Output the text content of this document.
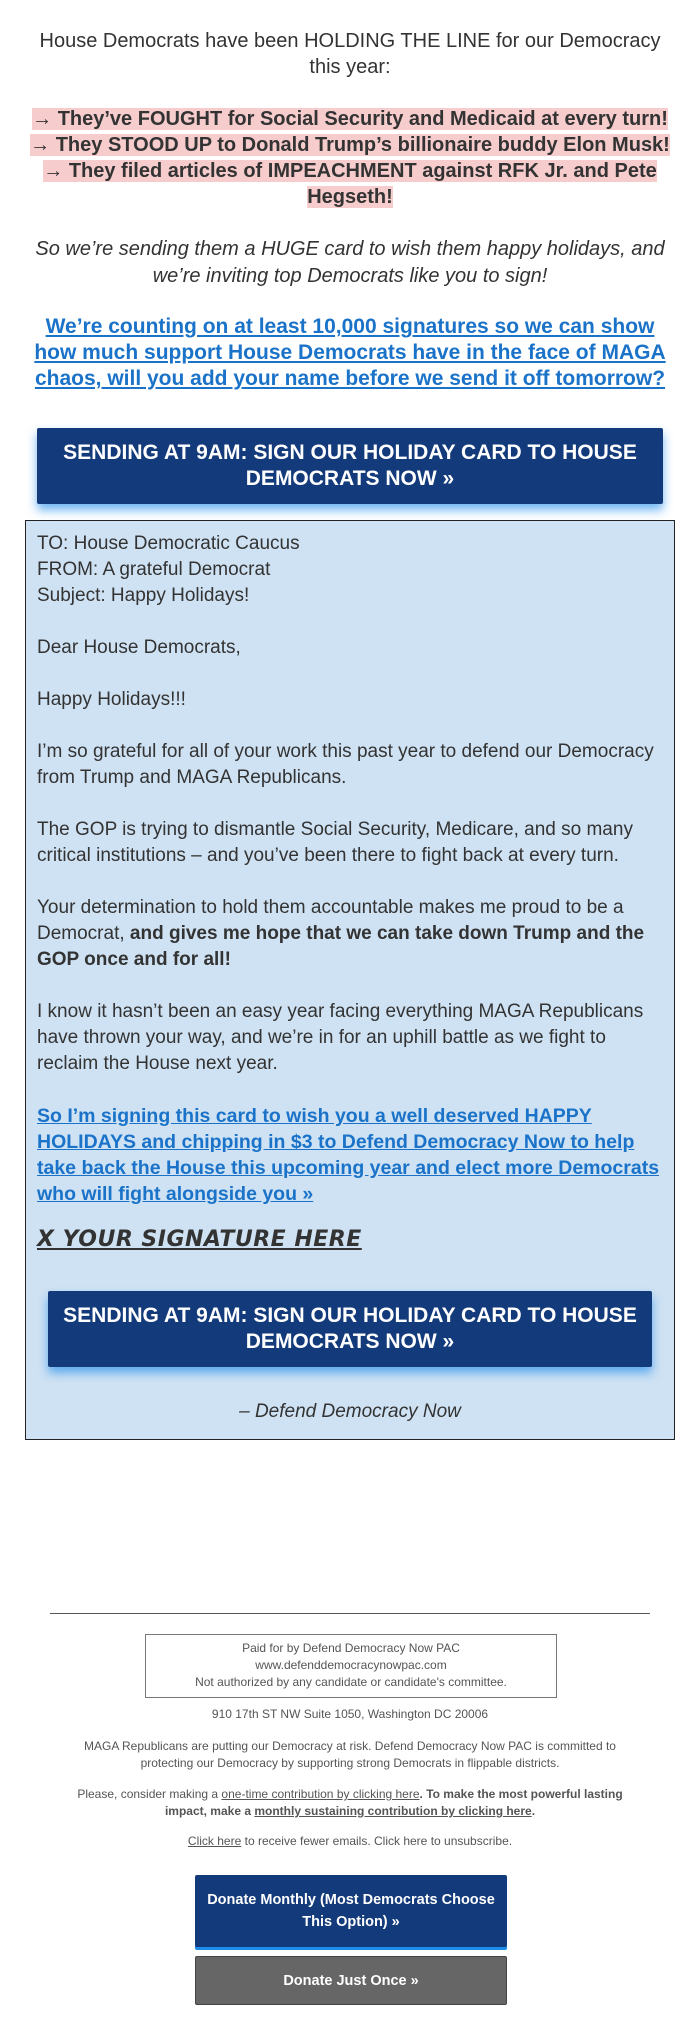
House Democrats have been HOLDING THE LINE for our Democracy this year:
→ They’ve FOUGHT for Social Security and Medicaid at every turn!
→ They STOOD UP to Donald Trump’s billionaire buddy Elon Musk!
→ They filed articles of IMPEACHMENT against RFK Jr. and Pete Hegseth!
So we’re sending them a HUGE card to wish them happy holidays, and we’re inviting top Democrats like you to sign!
We’re counting on at least 10,000 signatures so we can show how much support House Democrats have in the face of MAGA chaos, will you add your name before we send it off tomorrow?
SENDING AT 9AM: SIGN OUR HOLIDAY CARD TO HOUSE DEMOCRATS NOW »
TO: House Democratic Caucus
FROM: A grateful Democrat
Subject: Happy Holidays!

Dear House Democrats,

Happy Holidays!!!

I’m so grateful for all of your work this past year to defend our Democracy from Trump and MAGA Republicans.

The GOP is trying to dismantle Social Security, Medicare, and so many critical institutions – and you’ve been there to fight back at every turn.

Your determination to hold them accountable makes me proud to be a Democrat, and gives me hope that we can take down Trump and the GOP once and for all!

I know it hasn’t been an easy year facing everything MAGA Republicans have thrown your way, and we’re in for an uphill battle as we fight to reclaim the House next year.

So I’m signing this card to wish you a well deserved HAPPY HOLIDAYS and chipping in $3 to Defend Democracy Now to help take back the House this upcoming year and elect more Democrats who will fight alongside you »
X YOUR SIGNATURE HERE
SENDING AT 9AM: SIGN OUR HOLIDAY CARD TO HOUSE DEMOCRATS NOW »
– Defend Democracy Now
Paid for by Defend Democracy Now PAC
www.defenddemocracynowpac.com
Not authorized by any candidate or candidate's committee.
910 17th ST NW Suite 1050, Washington DC 20006
MAGA Republicans are putting our Democracy at risk. Defend Democracy Now PAC is committed to protecting our Democracy by supporting strong Democrats in flippable districts.
Please, consider making a one-time contribution by clicking here. To make the most powerful lasting impact, make a monthly sustaining contribution by clicking here.
Click here to receive fewer emails. Click here to unsubscribe.
Donate Monthly (Most Democrats Choose This Option) »
Donate Just Once »
